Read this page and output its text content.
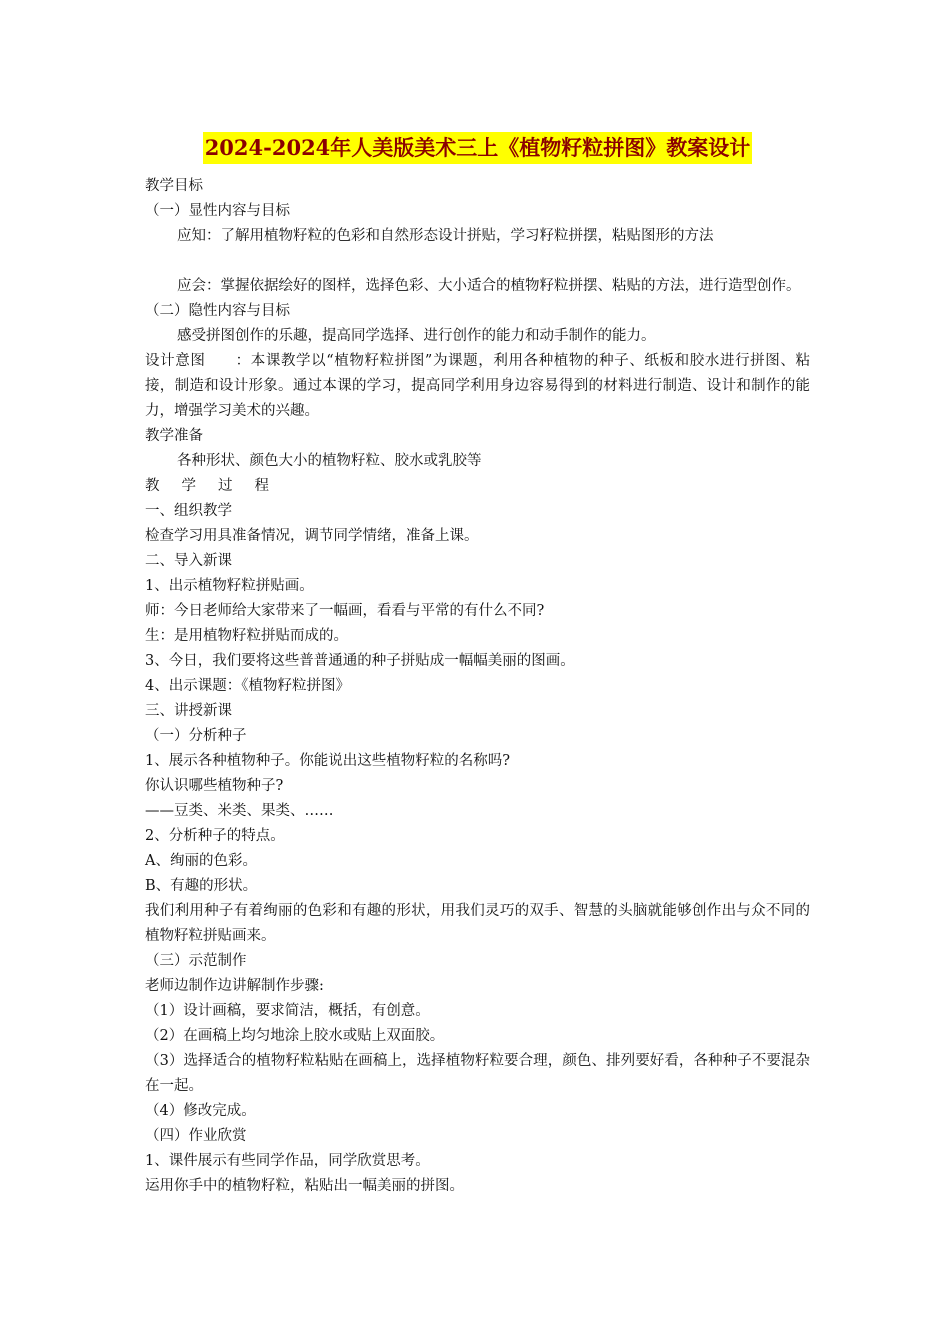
2024-2024年人美版美术三上《植物籽粒拼图》教案设计
教学目标
（一）显性内容与目标
应知：了解用植物籽粒的色彩和自然形态设计拼贴，学习籽粒拼摆，粘贴图形的方法
应会：掌握依据绘好的图样，选择色彩、大小适合的植物籽粒拼摆、粘贴的方法，进行造型创作。
（二）隐性内容与目标
感受拼图创作的乐趣，提高同学选择、进行创作的能力和动手制作的能力。
设计意图　　：本课教学以“植物籽粒拼图”为课题，利用各种植物的种子、纸板和胶水进行拼图、粘接，制造和设计形象。通过本课的学习，提高同学利用身边容易得到的材料进行制造、设计和制作的能力，增强学习美术的兴趣。
教学准备
各种形状、颜色大小的植物籽粒、胶水或乳胶等
教学过程
一、组织教学
检查学习用具准备情况，调节同学情绪，准备上课。
二、导入新课
1、出示植物籽粒拼贴画。
师：今日老师给大家带来了一幅画，看看与平常的有什么不同?
生：是用植物籽粒拼贴而成的。
3、今日，我们要将这些普普通通的种子拼贴成一幅幅美丽的图画。
4、出示课题：《植物籽粒拼图》
三、讲授新课
（一）分析种子
1、展示各种植物种子。你能说出这些植物籽粒的名称吗?
你认识哪些植物种子?
——豆类、米类、果类、……
2、分析种子的特点。
A、绚丽的色彩。
B、有趣的形状。
我们利用种子有着绚丽的色彩和有趣的形状，用我们灵巧的双手、智慧的头脑就能够创作出与众不同的植物籽粒拼贴画来。
（三）示范制作
老师边制作边讲解制作步骤:
（1）设计画稿，要求简洁，概括，有创意。
（2）在画稿上均匀地涂上胶水或贴上双面胶。
（3）选择适合的植物籽粒粘贴在画稿上，选择植物籽粒要合理，颜色、排列要好看，各种种子不要混杂在一起。
（4）修改完成。
（四）作业欣赏
1、课件展示有些同学作品，同学欣赏思考。
运用你手中的植物籽粒，粘贴出一幅美丽的拼图。
